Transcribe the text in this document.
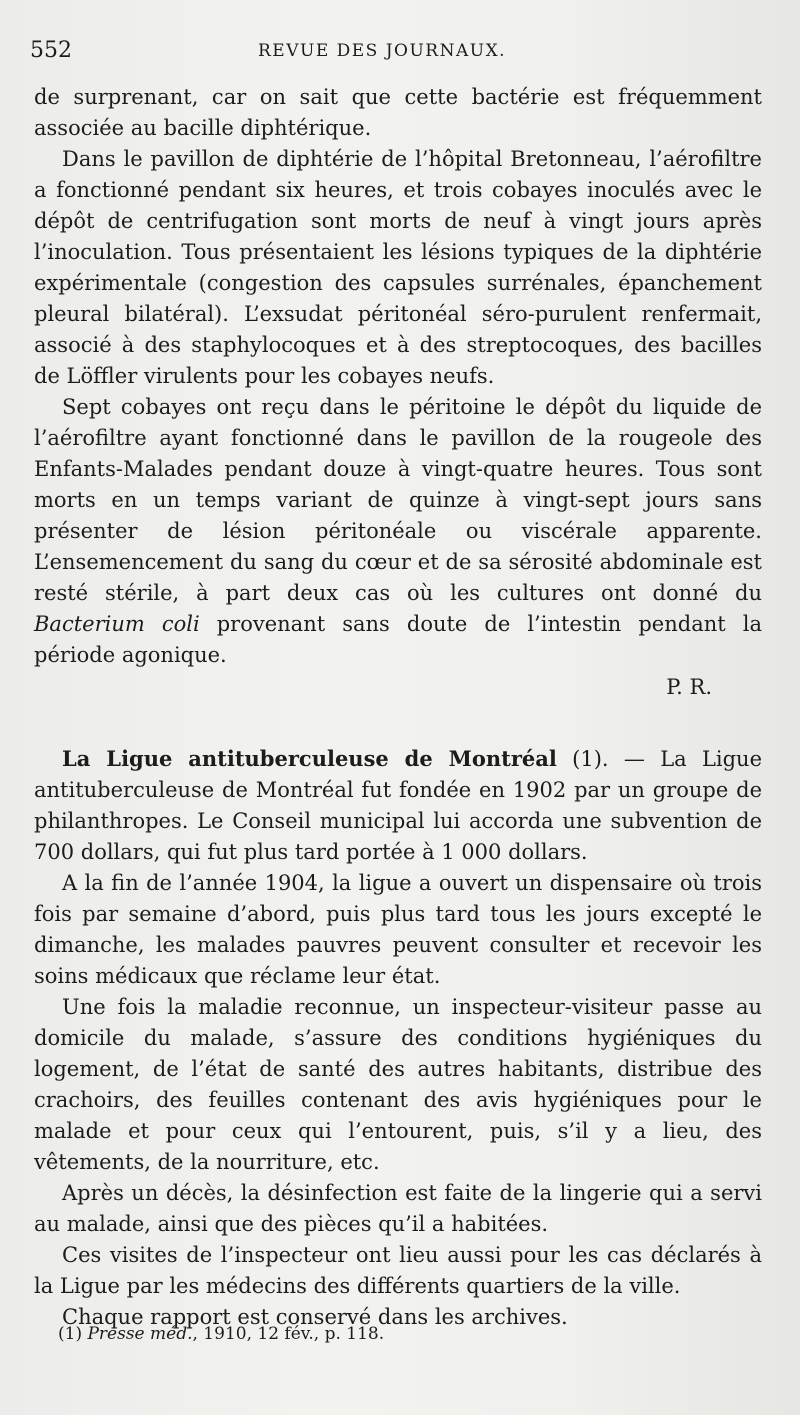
552	REVUE DES JOURNAUX.

de surprenant, car on sait que cette bactérie est fréquemment associée au bacille diphtérique.

Dans le pavillon de diphtérie de l’hôpital Bretonneau, l’aérofiltre a fonctionné pendant six heures, et trois cobayes inoculés avec le dépôt de centrifugation sont morts de neuf à vingt jours après l’inoculation. Tous présentaient les lésions typiques de la diphtérie expérimentale (congestion des capsules surrénales, épanchement pleural bilatéral). L’exsudat péritonéal séro-purulent renfermait, associé à des staphylocoques et à des streptocoques, des bacilles de Löffler virulents pour les cobayes neufs.

Sept cobayes ont reçu dans le péritoine le dépôt du liquide de l’aérofiltre ayant fonctionné dans le pavillon de la rougeole des Enfants-Malades pendant douze à vingt-quatre heures. Tous sont morts en un temps variant de quinze à vingt-sept jours sans présenter de lésion péritonéale ou viscérale apparente. L’ensemencement du sang du cœur et de sa sérosité abdominale est resté stérile, à part deux cas où les cultures ont donné du Bacterium coli provenant sans doute de l’intestin pendant la période agonique.

P. R.

La Ligue antituberculeuse de Montréal (1). — La Ligue antituberculeuse de Montréal fut fondée en 1902 par un groupe de philanthropes. Le Conseil municipal lui accorda une subvention de 700 dollars, qui fut plus tard portée à 1 000 dollars.

A la fin de l’année 1904, la ligue a ouvert un dispensaire où trois fois par semaine d’abord, puis plus tard tous les jours excepté le dimanche, les malades pauvres peuvent consulter et recevoir les soins médicaux que réclame leur état.

Une fois la maladie reconnue, un inspecteur-visiteur passe au domicile du malade, s’assure des conditions hygiéniques du logement, de l’état de santé des autres habitants, distribue des crachoirs, des feuilles contenant des avis hygiéniques pour le malade et pour ceux qui l’entourent, puis, s’il y a lieu, des vêtements, de la nourriture, etc.

Après un décès, la désinfection est faite de la lingerie qui a servi au malade, ainsi que des pièces qu’il a habitées.

Ces visites de l’inspecteur ont lieu aussi pour les cas déclarés à la Ligue par les médecins des différents quartiers de la ville.

Chaque rapport est conservé dans les archives.

(1) Presse méd., 1910, 12 fév., p. 118.
